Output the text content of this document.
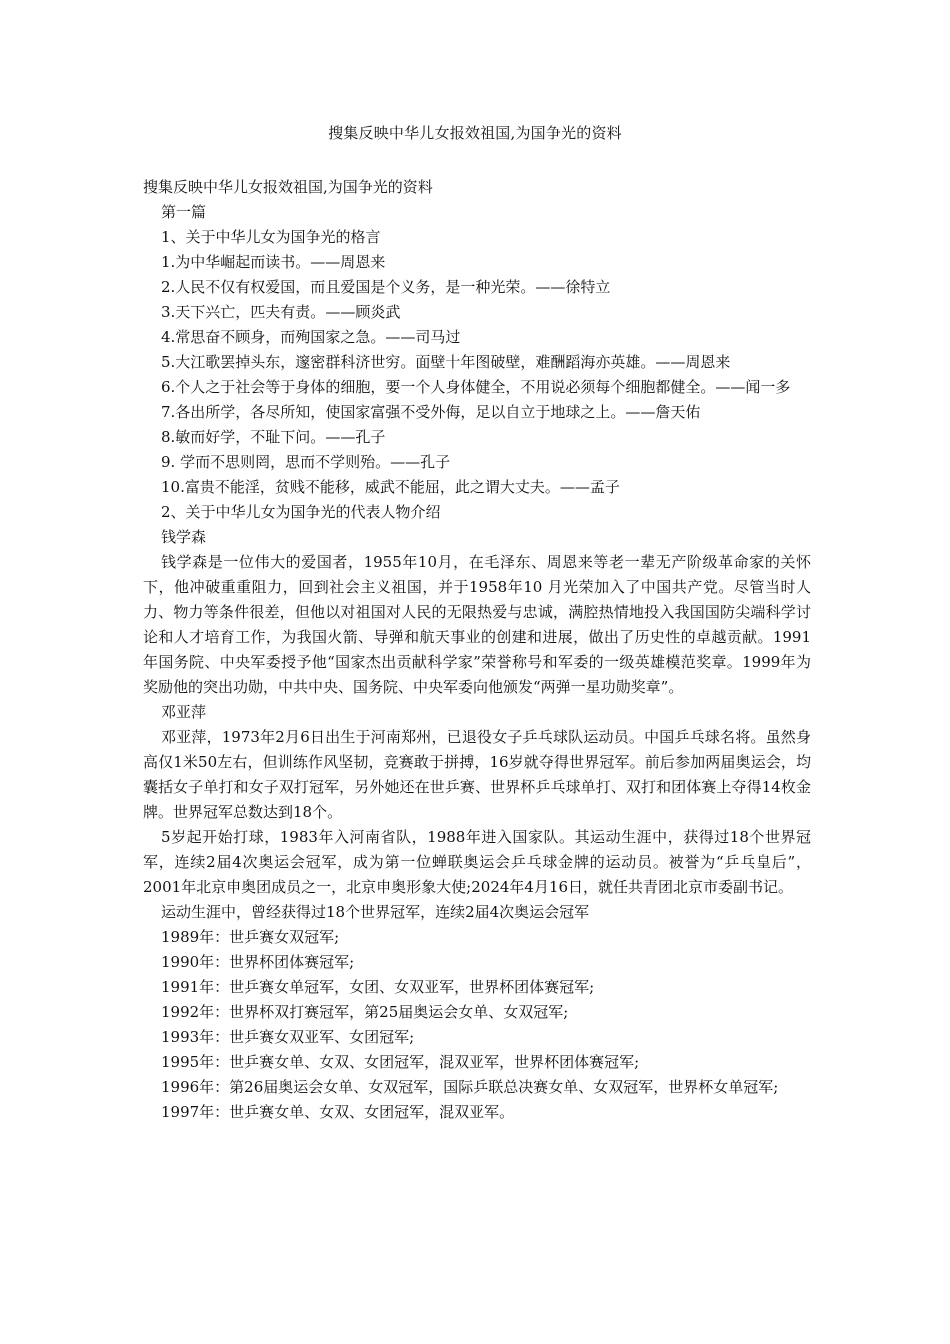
搜集反映中华儿女报效祖国,为国争光的资料

搜集反映中华儿女报效祖国,为国争光的资料

第一篇

1、关于中华儿女为国争光的格言

1.为中华崛起而读书。——周恩来

2.人民不仅有权爱国，而且爱国是个义务，是一种光荣。——徐特立

3.天下兴亡，匹夫有责。——顾炎武

4.常思奋不顾身，而殉国家之急。——司马过

5.大江歌罢掉头东，邃密群科济世穷。面壁十年图破壁，难酬蹈海亦英雄。——周恩来

6.个人之于社会等于身体的细胞，要一个人身体健全，不用说必须每个细胞都健全。——闻一多

7.各出所学，各尽所知，使国家富强不受外侮，足以自立于地球之上。——詹天佑

8.敏而好学，不耻下问。——孔子

9. 学而不思则罔，思而不学则殆。——孔子

10.富贵不能淫，贫贱不能移，威武不能屈，此之谓大丈夫。——孟子

2、关于中华儿女为国争光的代表人物介绍

钱学森

钱学森是一位伟大的爱国者，1955年10月，在毛泽东、周恩来等老一辈无产阶级革命家的关怀下，他冲破重重阻力，回到社会主义祖国，并于1958年10 月光荣加入了中国共产党。尽管当时人力、物力等条件很差，但他以对祖国对人民的无限热爱与忠诚，满腔热情地投入我国国防尖端科学讨论和人才培育工作，为我国火箭、导弹和航天事业的创建和进展，做出了历史性的卓越贡献。1991年国务院、中央军委授予他“国家杰出贡献科学家”荣誉称号和军委的一级英雄模范奖章。1999年为奖励他的突出功勋，中共中央、国务院、中央军委向他颁发“两弹一星功勋奖章”。

邓亚萍

邓亚萍，1973年2月6日出生于河南郑州，已退役女子乒乓球队运动员。中国乒乓球名将。虽然身高仅1米50左右，但训练作风坚韧，竞赛敢于拼搏，16岁就夺得世界冠军。前后参加两届奥运会，均囊括女子单打和女子双打冠军，另外她还在世乒赛、世界杯乒乓球单打、双打和团体赛上夺得14枚金牌。世界冠军总数达到18个。

5岁起开始打球，1983年入河南省队，1988年进入国家队。其运动生涯中，获得过18个世界冠军，连续2届4次奥运会冠军，成为第一位蝉联奥运会乒乓球金牌的运动员。被誉为“乒乓皇后”，2001年北京申奥团成员之一，北京申奥形象大使;2024年4月16日，就任共青团北京市委副书记。

运动生涯中，曾经获得过18个世界冠军，连续2届4次奥运会冠军

1989年：世乒赛女双冠军;

1990年：世界杯团体赛冠军;

1991年：世乒赛女单冠军，女团、女双亚军，世界杯团体赛冠军;

1992年：世界杯双打赛冠军，第25届奥运会女单、女双冠军;

1993年：世乒赛女双亚军、女团冠军;

1995年：世乒赛女单、女双、女团冠军，混双亚军，世界杯团体赛冠军;

1996年：第26届奥运会女单、女双冠军，国际乒联总决赛女单、女双冠军，世界杯女单冠军;

1997年：世乒赛女单、女双、女团冠军，混双亚军。
